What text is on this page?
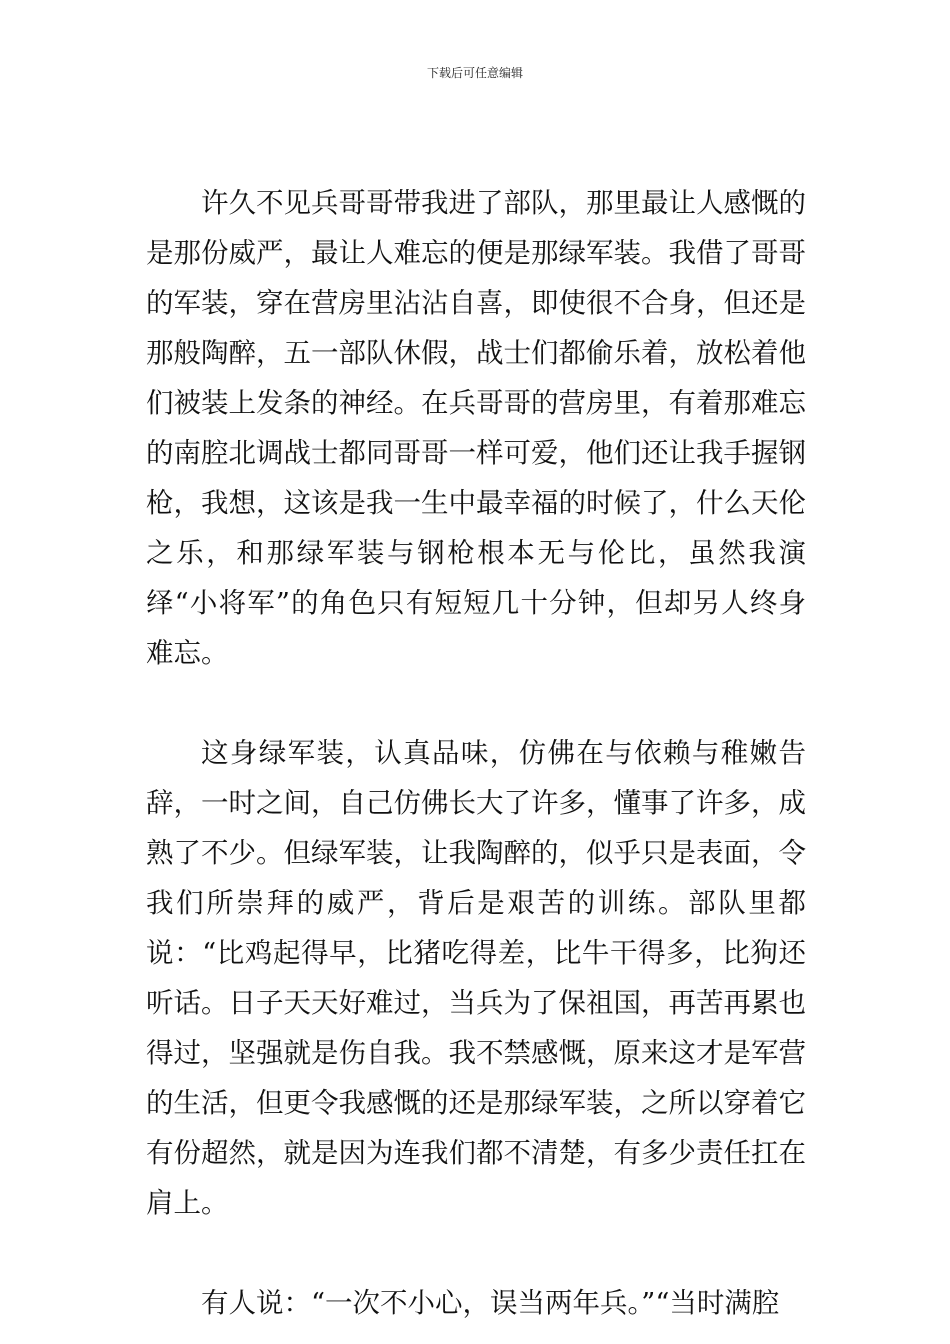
下载后可任意编辑

许久不见兵哥哥带我进了部队，那里最让人感慨的是那份威严，最让人难忘的便是那绿军装。我借了哥哥的军装，穿在营房里沾沾自喜，即使很不合身，但还是那般陶醉，五一部队休假，战士们都偷乐着，放松着他们被装上发条的神经。在兵哥哥的营房里，有着那难忘的南腔北调战士都同哥哥一样可爱，他们还让我手握钢枪，我想，这该是我一生中最幸福的时候了，什么天伦之乐，和那绿军装与钢枪根本无与伦比，虽然我演绎“小将军”的角色只有短短几十分钟，但却另人终身难忘。

这身绿军装，认真品味，仿佛在与依赖与稚嫩告辞，一时之间，自己仿佛长大了许多，懂事了许多，成熟了不少。但绿军装，让我陶醉的，似乎只是表面，令我们所崇拜的威严，背后是艰苦的训练。部队里都说：“比鸡起得早，比猪吃得差，比牛干得多，比狗还听话。日子天天好难过，当兵为了保祖国，再苦再累也得过，坚强就是伤自我。我不禁感慨，原来这才是军营的生活，但更令我感慨的还是那绿军装，之所以穿着它有份超然，就是因为连我们都不清楚，有多少责任扛在肩上。

有人说：“一次不小心，误当两年兵。”“当时满腔
